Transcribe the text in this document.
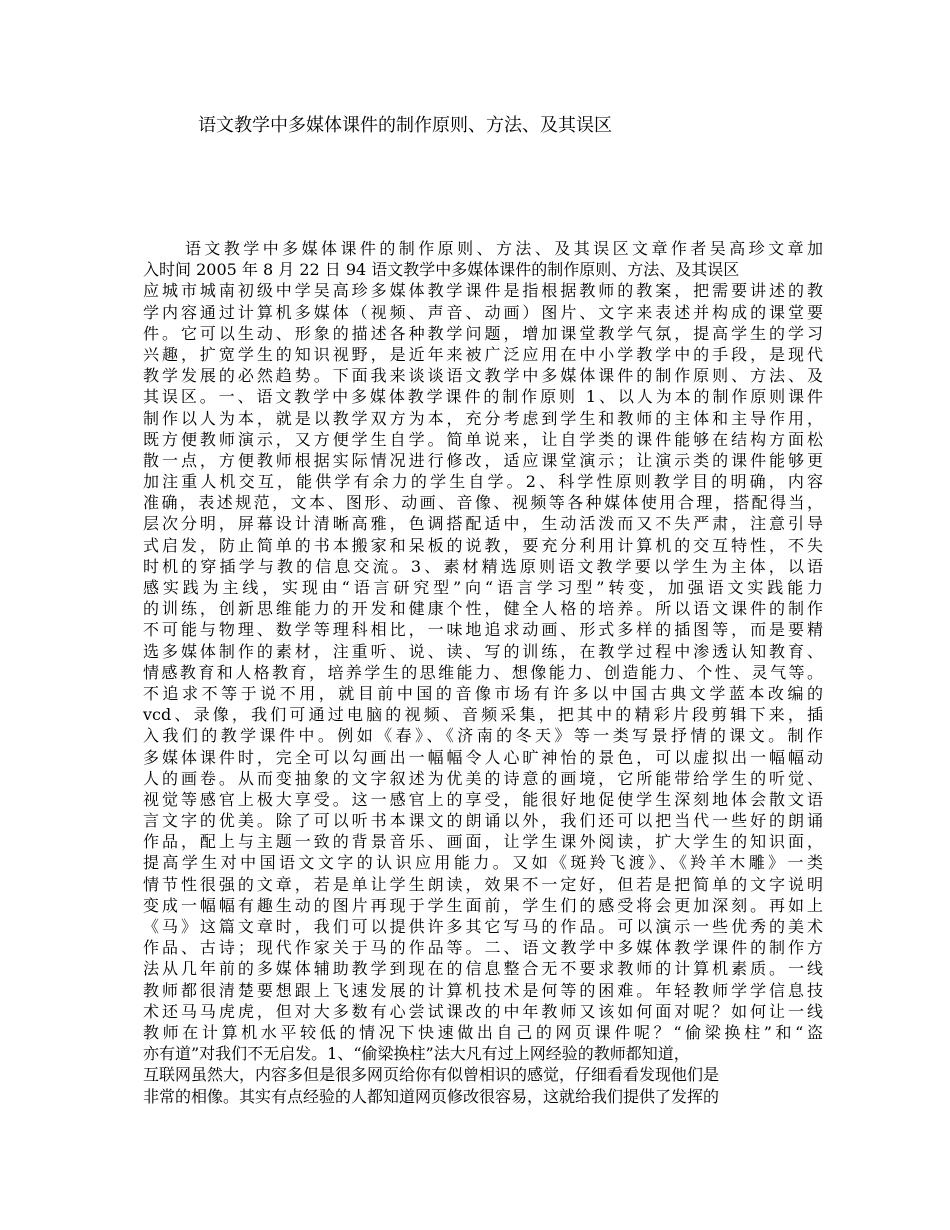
语文教学中多媒体课件的制作原则、方法、及其误区
语文教学中多媒体课件的制作原则、方法、及其误区文章作者吴高珍文章加
入时间 2005 年 8 月 22 日 94 语文教学中多媒体课件的制作原则、方法、及其误区
应城市城南初级中学吴高珍多媒体教学课件是指根据教师的教案，把需要讲述的教
学内容通过计算机多媒体（视频、声音、动画）图片、文字来表述并构成的课堂要
件。它可以生动、形象的描述各种教学问题，增加课堂教学气氛，提高学生的学习
兴趣，扩宽学生的知识视野，是近年来被广泛应用在中小学教学中的手段，是现代
教学发展的必然趋势。下面我来谈谈语文教学中多媒体课件的制作原则、方法、及
其误区。一、语文教学中多媒体教学课件的制作原则 1、以人为本的制作原则课件
制作以人为本，就是以教学双方为本，充分考虑到学生和教师的主体和主导作用，
既方便教师演示，又方便学生自学。简单说来，让自学类的课件能够在结构方面松
散一点，方便教师根据实际情况进行修改，适应课堂演示；让演示类的课件能够更
加注重人机交互，能供学有余力的学生自学。2、科学性原则教学目的明确，内容
准确，表述规范，文本、图形、动画、音像、视频等各种媒体使用合理，搭配得当，
层次分明，屏幕设计清晰高雅，色调搭配适中，生动活泼而又不失严肃，注意引导
式启发，防止简单的书本搬家和呆板的说教，要充分利用计算机的交互特性，不失
时机的穿插学与教的信息交流。3、素材精选原则语文教学要以学生为主体，以语
感实践为主线，实现由“语言研究型”向“语言学习型”转变，加强语文实践能力
的训练，创新思维能力的开发和健康个性，健全人格的培养。所以语文课件的制作
不可能与物理、数学等理科相比，一味地追求动画、形式多样的插图等，而是要精
选多媒体制作的素材，注重听、说、读、写的训练，在教学过程中渗透认知教育、
情感教育和人格教育，培养学生的思维能力、想像能力、创造能力、个性、灵气等。
不追求不等于说不用，就目前中国的音像市场有许多以中国古典文学蓝本改编的
vcd、录像，我们可通过电脑的视频、音频采集，把其中的精彩片段剪辑下来，插
入我们的教学课件中。例如《春》、《济南的冬天》等一类写景抒情的课文。制作
多媒体课件时，完全可以勾画出一幅幅令人心旷神怡的景色，可以虚拟出一幅幅动
人的画卷。从而变抽象的文字叙述为优美的诗意的画境，它所能带给学生的听觉、
视觉等感官上极大享受。这一感官上的享受，能很好地促使学生深刻地体会散文语
言文字的优美。除了可以听书本课文的朗诵以外，我们还可以把当代一些好的朗诵
作品，配上与主题一致的背景音乐、画面，让学生课外阅读，扩大学生的知识面，
提高学生对中国语文文字的认识应用能力。又如《斑羚飞渡》、《羚羊木雕》一类
情节性很强的文章，若是单让学生朗读，效果不一定好，但若是把简单的文字说明
变成一幅幅有趣生动的图片再现于学生面前，学生们的感受将会更加深刻。再如上
《马》这篇文章时，我们可以提供许多其它写马的作品。可以演示一些优秀的美术
作品、古诗；现代作家关于马的作品等。二、语文教学中多媒体教学课件的制作方
法从几年前的多媒体辅助教学到现在的信息整合无不要求教师的计算机素质。一线
教师都很清楚要想跟上飞速发展的计算机技术是何等的困难。年轻教师学学信息技
术还马马虎虎，但对大多数有心尝试课改的中年教师又该如何面对呢？如何让一线
教师在计算机水平较低的情况下快速做出自己的网页课件呢？“偷梁换柱”和“盗
亦有道”对我们不无启发。1、“偷梁换柱”法大凡有过上网经验的教师都知道，
互联网虽然大，内容多但是很多网页给你有似曾相识的感觉，仔细看看发现他们是
非常的相像。其实有点经验的人都知道网页修改很容易，这就给我们提供了发挥的
